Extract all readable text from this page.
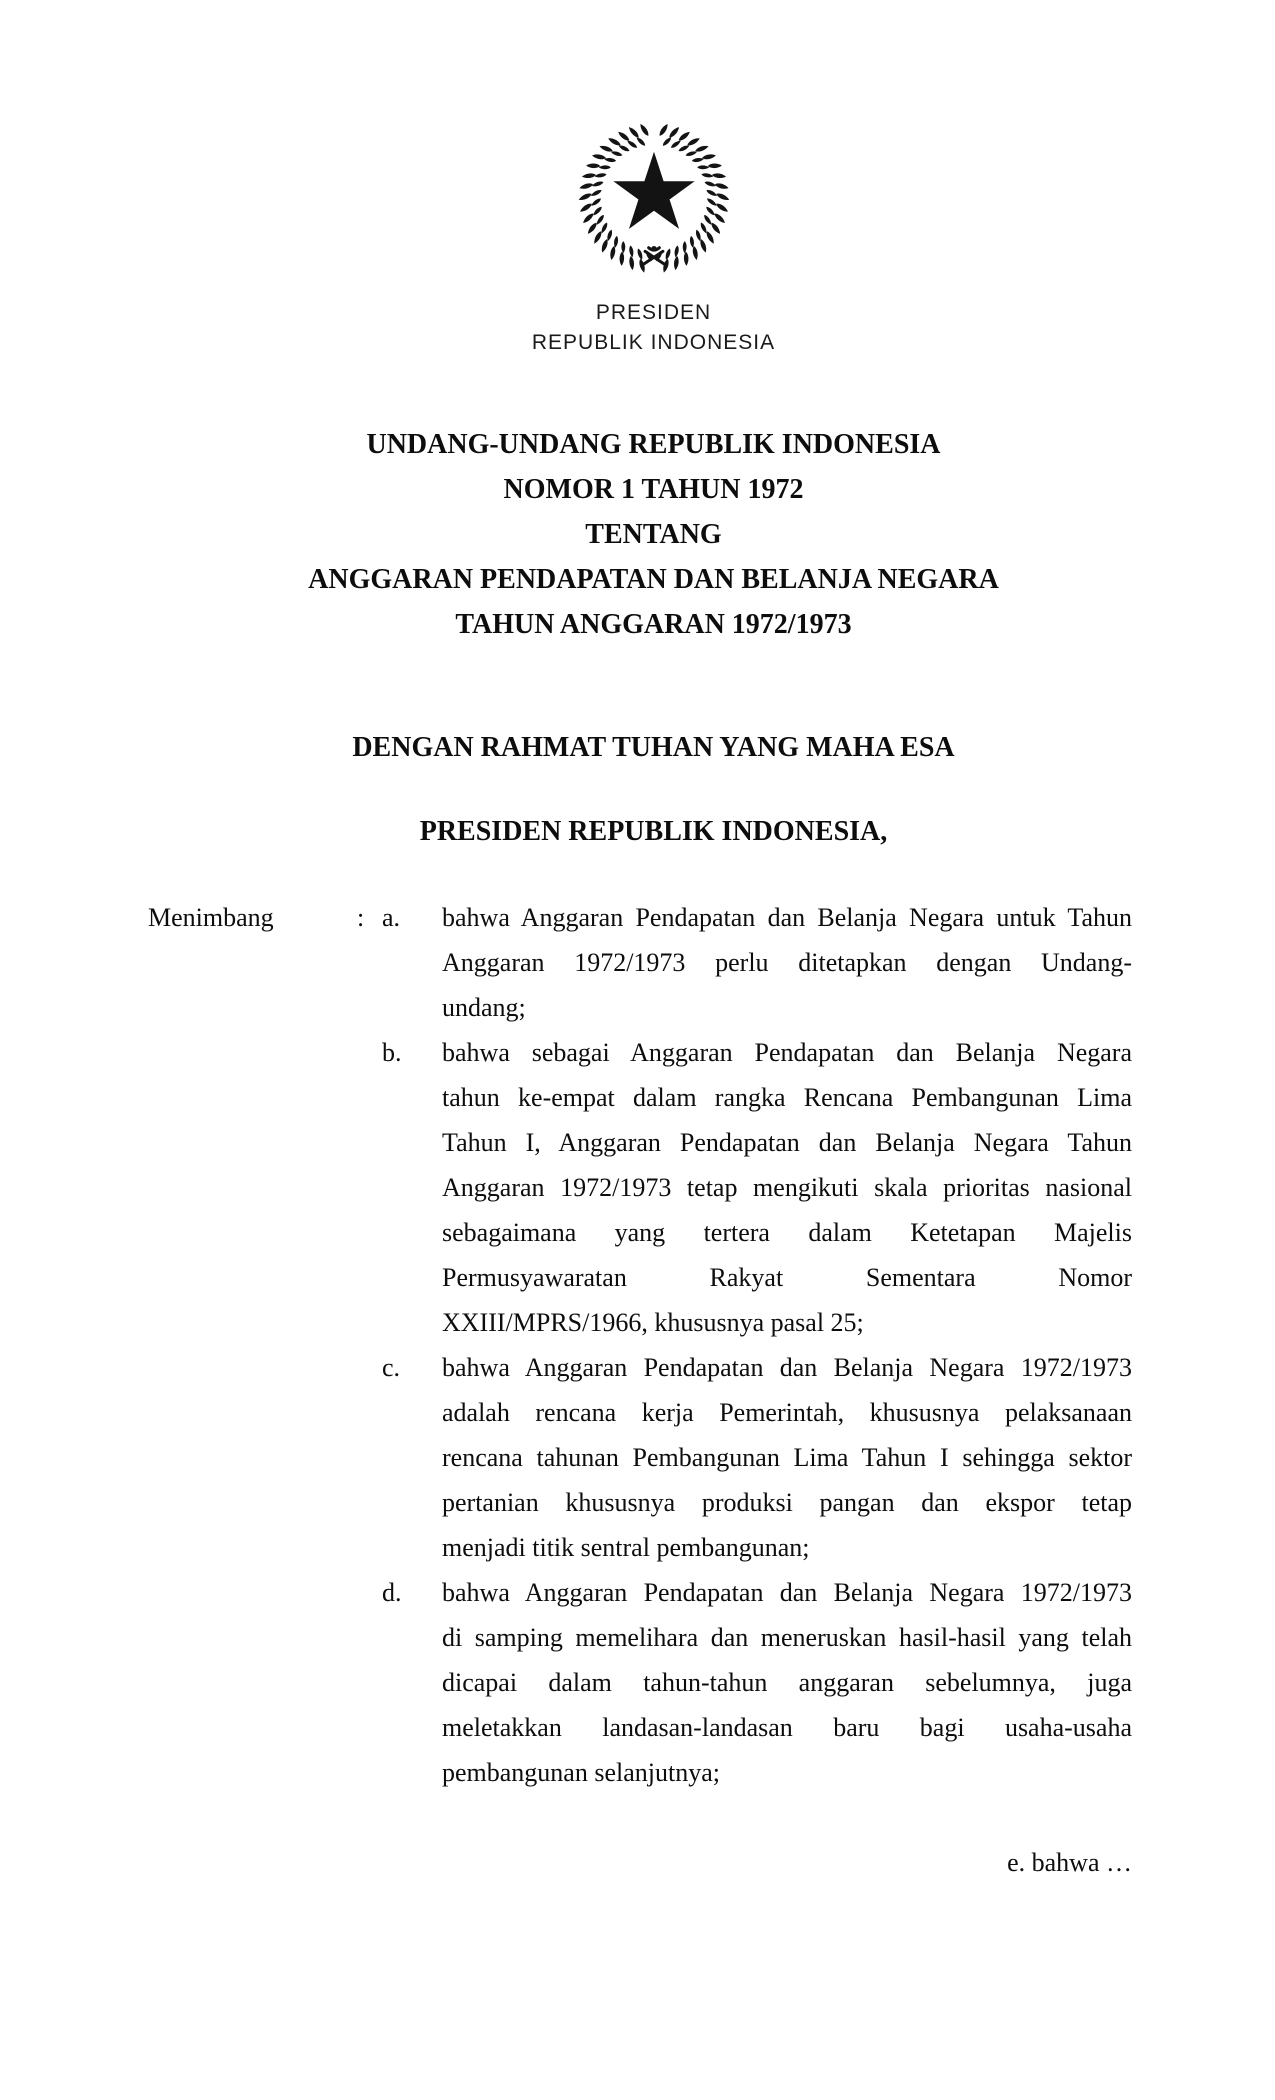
PRESIDEN
REPUBLIK INDONESIA
UNDANG-UNDANG REPUBLIK INDONESIA
NOMOR 1 TAHUN 1972
TENTANG
ANGGARAN PENDAPATAN DAN BELANJA NEGARA
TAHUN ANGGARAN 1972/1973
DENGAN RAHMAT TUHAN YANG MAHA ESA
PRESIDEN REPUBLIK INDONESIA,
Menimbang	: a.	bahwa Anggaran Pendapatan dan Belanja Negara untuk Tahun
Anggaran 1972/1973 perlu ditetapkan dengan Undang-
undang;
b.	bahwa sebagai Anggaran Pendapatan dan Belanja Negara
tahun ke-empat dalam rangka Rencana Pembangunan Lima
Tahun I, Anggaran Pendapatan dan Belanja Negara Tahun
Anggaran 1972/1973 tetap mengikuti skala prioritas nasional
sebagaimana yang tertera dalam Ketetapan Majelis
Permusyawaratan Rakyat Sementara Nomor
XXIII/MPRS/1966, khususnya pasal 25;
c.	bahwa Anggaran Pendapatan dan Belanja Negara 1972/1973
adalah rencana kerja Pemerintah, khususnya pelaksanaan
rencana tahunan Pembangunan Lima Tahun I sehingga sektor
pertanian khususnya produksi pangan dan ekspor tetap
menjadi titik sentral pembangunan;
d.	bahwa Anggaran Pendapatan dan Belanja Negara 1972/1973
di samping memelihara dan meneruskan hasil-hasil yang telah
dicapai dalam tahun-tahun anggaran sebelumnya, juga
meletakkan landasan-landasan baru bagi usaha-usaha
pembangunan selanjutnya;
e. bahwa …
